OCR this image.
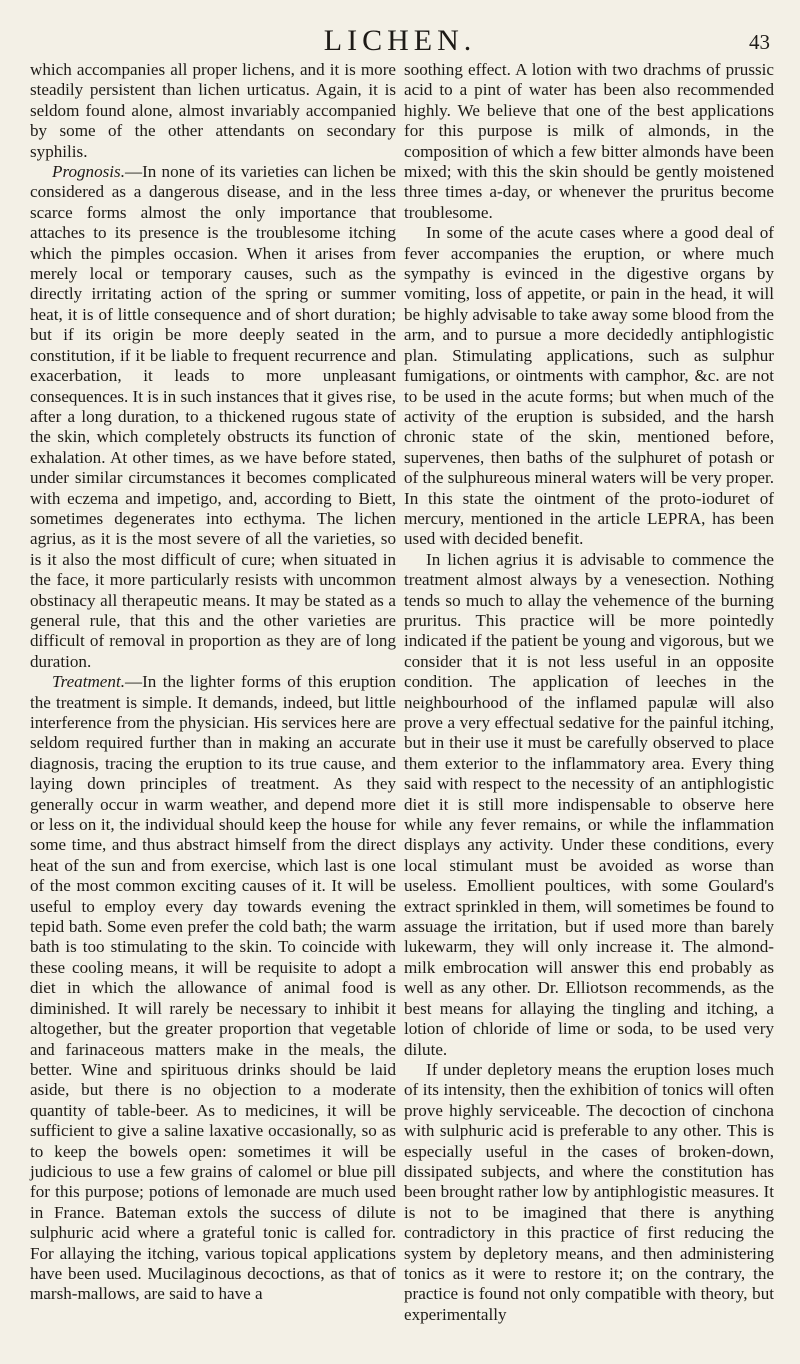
LICHEN.	43

which accompanies all proper lichens, and it is more steadily persistent than lichen urticatus. Again, it is seldom found alone, almost invariably accompanied by some of the other attendants on secondary syphilis.

Prognosis.—In none of its varieties can lichen be considered as a dangerous disease, and in the less scarce forms almost the only importance that attaches to its presence is the troublesome itching which the pimples occasion. When it arises from merely local or temporary causes, such as the directly irritating action of the spring or summer heat, it is of little consequence and of short duration; but if its origin be more deeply seated in the constitution, if it be liable to frequent recurrence and exacerbation, it leads to more unpleasant consequences. It is in such instances that it gives rise, after a long duration, to a thickened rugous state of the skin, which completely obstructs its function of exhalation. At other times, as we have before stated, under similar circumstances it becomes complicated with eczema and impetigo, and, according to Biett, sometimes degenerates into ecthyma. The lichen agrius, as it is the most severe of all the varieties, so is it also the most difficult of cure; when situated in the face, it more particularly resists with uncommon obstinacy all therapeutic means. It may be stated as a general rule, that this and the other varieties are difficult of removal in proportion as they are of long duration.

Treatment.—In the lighter forms of this eruption the treatment is simple. It demands, indeed, but little interference from the physician. His services here are seldom required further than in making an accurate diagnosis, tracing the eruption to its true cause, and laying down principles of treatment. As they generally occur in warm weather, and depend more or less on it, the individual should keep the house for some time, and thus abstract himself from the direct heat of the sun and from exercise, which last is one of the most common exciting causes of it. It will be useful to employ every day towards evening the tepid bath. Some even prefer the cold bath; the warm bath is too stimulating to the skin. To coincide with these cooling means, it will be requisite to adopt a diet in which the allowance of animal food is diminished. It will rarely be necessary to inhibit it altogether, but the greater proportion that vegetable and farinaceous matters make in the meals, the better. Wine and spirituous drinks should be laid aside, but there is no objection to a moderate quantity of table-beer. As to medicines, it will be sufficient to give a saline laxative occasionally, so as to keep the bowels open: sometimes it will be judicious to use a few grains of calomel or blue pill for this purpose; potions of lemonade are much used in France. Bateman extols the success of dilute sulphuric acid where a grateful tonic is called for. For allaying the itching, various topical applications have been used. Mucilaginous decoctions, as that of marsh-mallows, are said to have a

soothing effect. A lotion with two drachms of prussic acid to a pint of water has been also recommended highly. We believe that one of the best applications for this purpose is milk of almonds, in the composition of which a few bitter almonds have been mixed; with this the skin should be gently moistened three times a-day, or whenever the pruritus become troublesome.

In some of the acute cases where a good deal of fever accompanies the eruption, or where much sympathy is evinced in the digestive organs by vomiting, loss of appetite, or pain in the head, it will be highly advisable to take away some blood from the arm, and to pursue a more decidedly antiphlogistic plan. Stimulating applications, such as sulphur fumigations, or ointments with camphor, &c. are not to be used in the acute forms; but when much of the activity of the eruption is subsided, and the harsh chronic state of the skin, mentioned before, supervenes, then baths of the sulphuret of potash or of the sulphureous mineral waters will be very proper. In this state the ointment of the proto-ioduret of mercury, mentioned in the article LEPRA, has been used with decided benefit.

In lichen agrius it is advisable to commence the treatment almost always by a venesection. Nothing tends so much to allay the vehemence of the burning pruritus. This practice will be more pointedly indicated if the patient be young and vigorous, but we consider that it is not less useful in an opposite condition. The application of leeches in the neighbourhood of the inflamed papulæ will also prove a very effectual sedative for the painful itching, but in their use it must be carefully observed to place them exterior to the inflammatory area. Every thing said with respect to the necessity of an antiphlogistic diet it is still more indispensable to observe here while any fever remains, or while the inflammation displays any activity. Under these conditions, every local stimulant must be avoided as worse than useless. Emollient poultices, with some Goulard's extract sprinkled in them, will sometimes be found to assuage the irritation, but if used more than barely lukewarm, they will only increase it. The almond-milk embrocation will answer this end probably as well as any other. Dr. Elliotson recommends, as the best means for allaying the tingling and itching, a lotion of chloride of lime or soda, to be used very dilute.

If under depletory means the eruption loses much of its intensity, then the exhibition of tonics will often prove highly serviceable. The decoction of cinchona with sulphuric acid is preferable to any other. This is especially useful in the cases of broken-down, dissipated subjects, and where the constitution has been brought rather low by antiphlogistic measures. It is not to be imagined that there is anything contradictory in this practice of first reducing the system by depletory means, and then administering tonics as it were to restore it; on the contrary, the practice is found not only compatible with theory, but experimentally
